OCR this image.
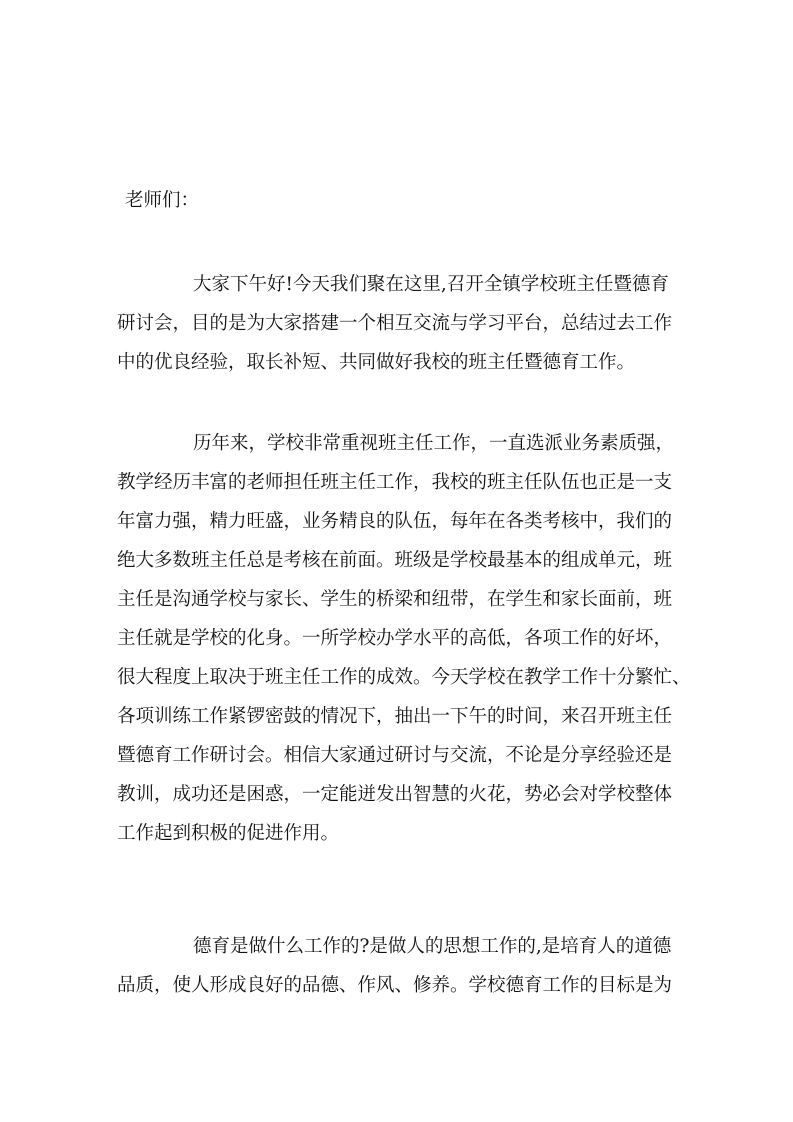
老师们：
大家下午好!今天我们聚在这里,召开全镇学校班主任暨德育
研讨会，目的是为大家搭建一个相互交流与学习平台，总结过去工作
中的优良经验，取长补短、共同做好我校的班主任暨德育工作。
历年来，学校非常重视班主任工作，一直选派业务素质强，
教学经历丰富的老师担任班主任工作，我校的班主任队伍也正是一支
年富力强，精力旺盛，业务精良的队伍，每年在各类考核中，我们的
绝大多数班主任总是考核在前面。班级是学校最基本的组成单元，班
主任是沟通学校与家长、学生的桥梁和纽带，在学生和家长面前，班
主任就是学校的化身。一所学校办学水平的高低，各项工作的好坏，
很大程度上取决于班主任工作的成效。今天学校在教学工作十分繁忙、
各项训练工作紧锣密鼓的情况下，抽出一下午的时间，来召开班主任
暨德育工作研讨会。相信大家通过研讨与交流，不论是分享经验还是
教训，成功还是困惑，一定能迸发出智慧的火花，势必会对学校整体
工作起到积极的促进作用。
德育是做什么工作的?是做人的思想工作的,是培育人的道德
品质，使人形成良好的品德、作风、修养。学校德育工作的目标是为
